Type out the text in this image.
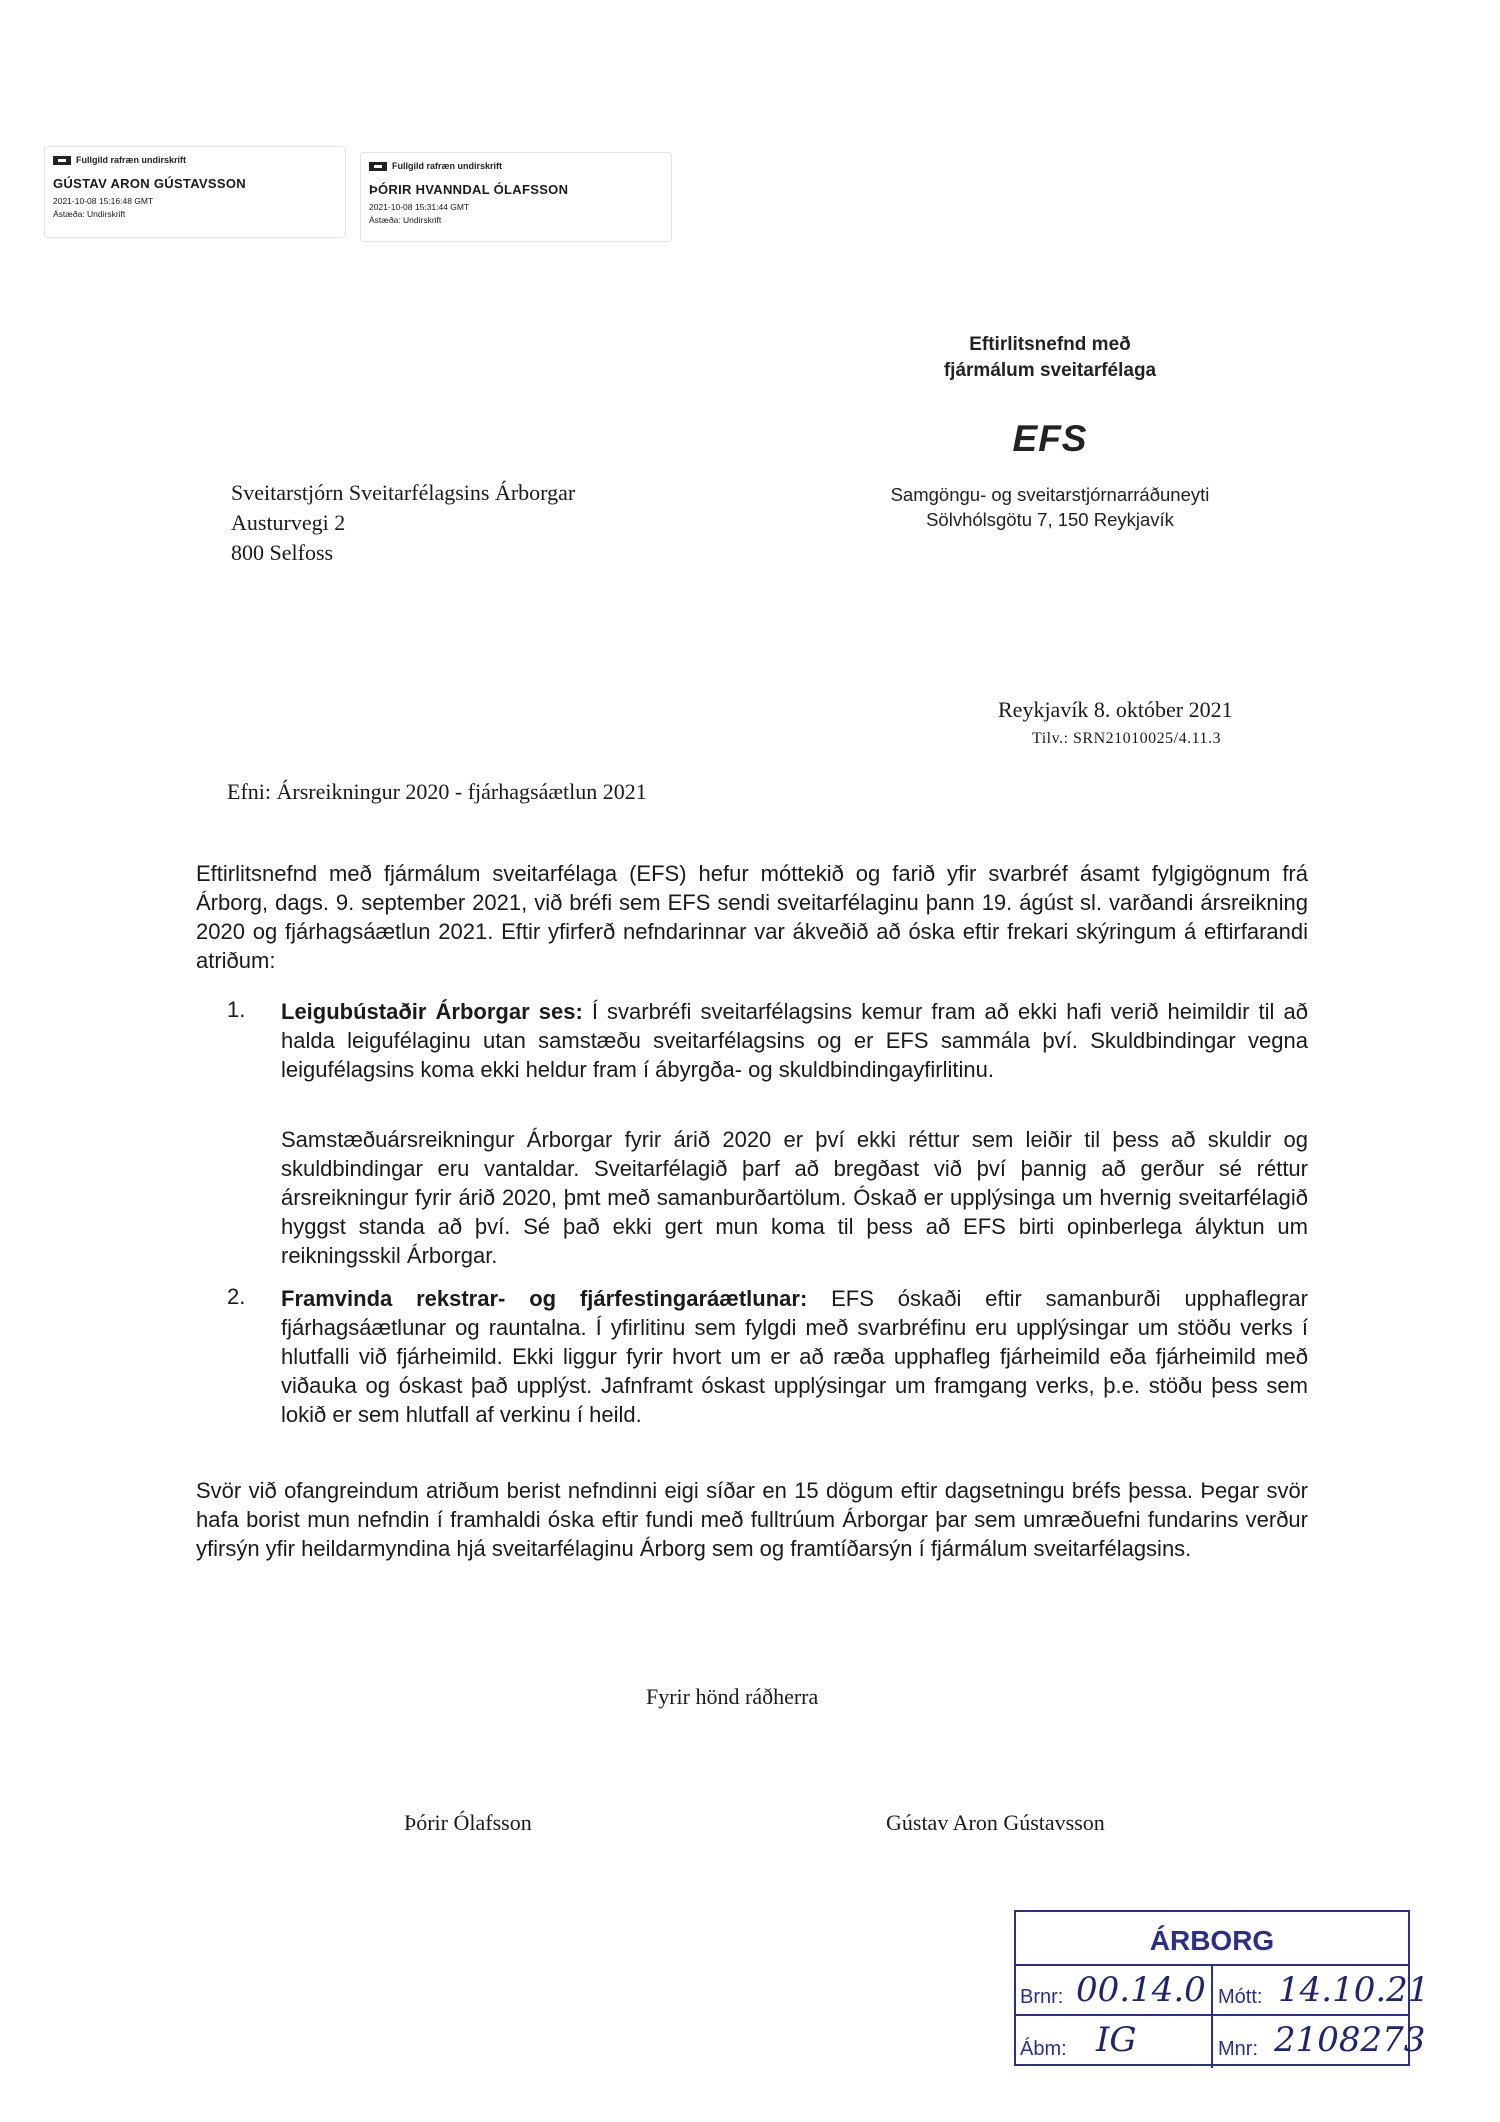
Fullgild rafræn undirskrift
GÚSTAV ARON GÚSTAVSSON
2021-10-08 15:16:48 GMT
Ástæða: Undirskrift
Fullgild rafræn undirskrift
ÞÓRIR HVANNDAL ÓLAFSSON
2021-10-08 15:31:44 GMT
Ástæða: Undirskrift
Eftirlitsnefnd með
fjármálum sveitarfélaga
EFS
Samgöngu- og sveitarstjórnarráðuneyti
Sölvhólsgötu 7, 150 Reykjavík
Sveitarstjórn Sveitarfélagsins Árborgar
Austurvegi 2
800 Selfoss
Reykjavík 8. október 2021
Tilv.: SRN21010025/4.11.3
Efni: Ársreikningur 2020 - fjárhagsáætlun 2021
Eftirlitsnefnd með fjármálum sveitarfélaga (EFS) hefur móttekið og farið yfir svarbréf ásamt fylgigögnum frá Árborg, dags. 9. september 2021, við bréfi sem EFS sendi sveitarfélaginu þann 19. ágúst sl. varðandi ársreikning 2020 og fjárhagsáætlun 2021. Eftir yfirferð nefndarinnar var ákveðið að óska eftir frekari skýringum á eftirfarandi atriðum:
1. Leigubústaðir Árborgar ses: Í svarbréfi sveitarfélagsins kemur fram að ekki hafi verið heimildir til að halda leigufélaginu utan samstæðu sveitarfélagsins og er EFS sammála því. Skuldbindingar vegna leigufélagsins koma ekki heldur fram í ábyrgða- og skuldbindingayfirlitinu.
Samstæðuársreikningur Árborgar fyrir árið 2020 er því ekki réttur sem leiðir til þess að skuldir og skuldbindingar eru vantaldar. Sveitarfélagið þarf að bregðast við því þannig að gerður sé réttur ársreikningur fyrir árið 2020, þmt með samanburðartölum. Óskað er upplýsinga um hvernig sveitarfélagið hyggst standa að því. Sé það ekki gert mun koma til þess að EFS birti opinberlega ályktun um reikningsskil Árborgar.
2. Framvinda rekstrar- og fjárfestingaráætlunar: EFS óskaði eftir samanburði upphaflegrar fjárhagsáætlunar og rauntalna. Í yfirlitinu sem fylgdi með svarbréfinu eru upplýsingar um stöðu verks í hlutfalli við fjárheimild. Ekki liggur fyrir hvort um er að ræða upphafleg fjárheimild eða fjárheimild með viðauka og óskast það upplýst. Jafnframt óskast upplýsingar um framgang verks, þ.e. stöðu þess sem lokið er sem hlutfall af verkinu í heild.
Svör við ofangreindum atriðum berist nefndinni eigi síðar en 15 dögum eftir dagsetningu bréfs þessa. Þegar svör hafa borist mun nefndin í framhaldi óska eftir fundi með fulltrúum Árborgar þar sem umræðuefni fundarins verður yfirsýn yfir heildarmyndina hjá sveitarfélaginu Árborg sem og framtíðarsýn í fjármálum sveitarfélagsins.
Fyrir hönd ráðherra
Þórir Ólafsson	Gústav Aron Gústavsson
ÁRBORG
Brnr: 00.14.0 Mótt: 14.10.21
Ábm: IG	Mnr: 2108273
